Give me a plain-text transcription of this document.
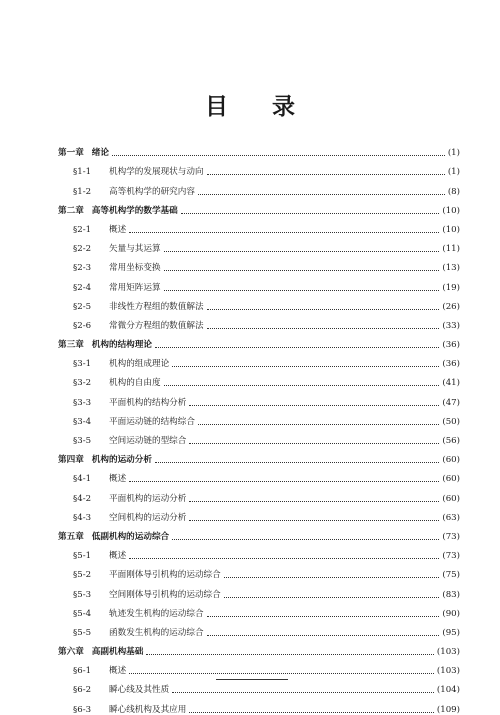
目 录
第一章 绪论	(1)
§1-1 机构学的发展现状与动向	(1)
§1-2 高等机构学的研究内容	(8)
第二章 高等机构学的数学基础	(10)
§2-1 概述	(10)
§2-2 矢量与其运算	(11)
§2-3 常用坐标变换	(13)
§2-4 常用矩阵运算	(19)
§2-5 非线性方程组的数值解法	(26)
§2-6 常微分方程组的数值解法	(33)
第三章 机构的结构理论	(36)
§3-1 机构的组成理论	(36)
§3-2 机构的自由度	(41)
§3-3 平面机构的结构分析	(47)
§3-4 平面运动链的结构综合	(50)
§3-5 空间运动链的型综合	(56)
第四章 机构的运动分析	(60)
§4-1 概述	(60)
§4-2 平面机构的运动分析	(60)
§4-3 空间机构的运动分析	(63)
第五章 低副机构的运动综合	(73)
§5-1 概述	(73)
§5-2 平面刚体导引机构的运动综合	(75)
§5-3 空间刚体导引机构的运动综合	(83)
§5-4 轨迹发生机构的运动综合	(90)
§5-5 函数发生机构的运动综合	(95)
第六章 高副机构基础	(103)
§6-1 概述	(103)
§6-2 瞬心线及其性质	(104)
§6-3 瞬心线机构及其应用	(109)
